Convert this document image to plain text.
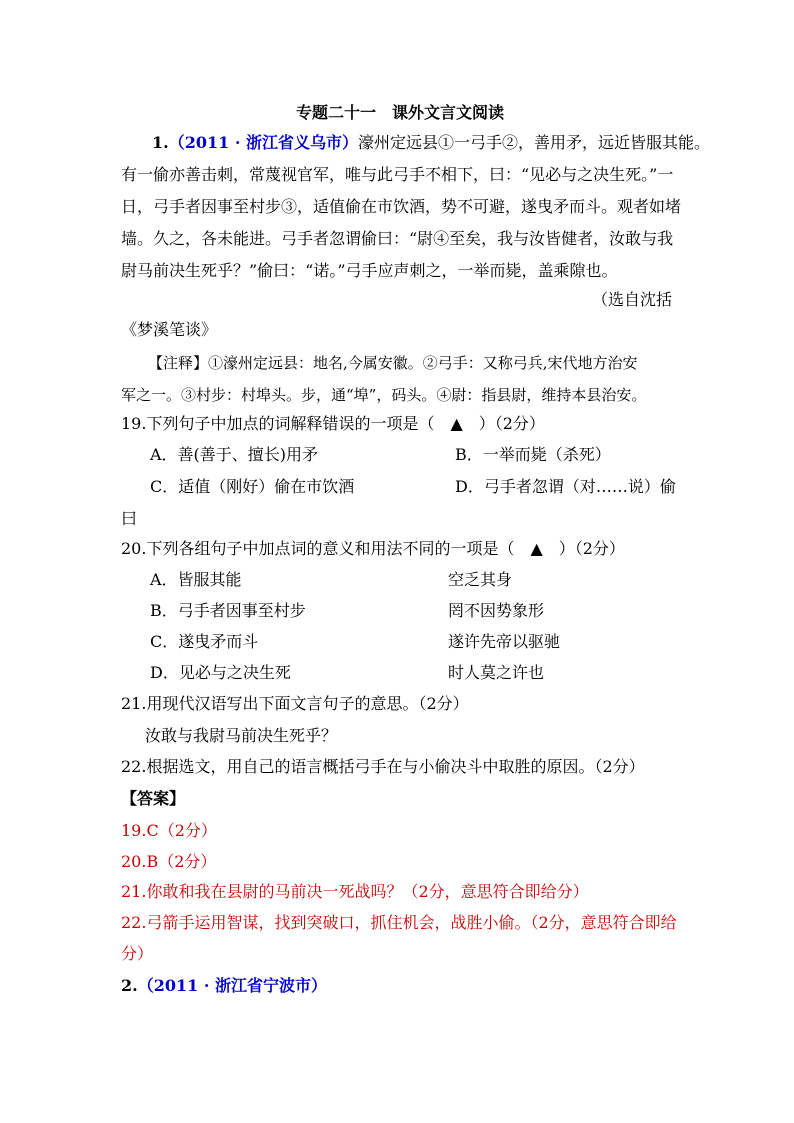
专题二十一　课外文言文阅读
1.（2011 · 浙江省义乌市）濠州定远县①一弓手②，善用矛，远近皆服其能。
有一偷亦善击刺，常蔑视官军，唯与此弓手不相下，曰：“见必与之决生死。”一
日，弓手者因事至村步③，适值偷在市饮酒，势不可避，遂曳矛而斗。观者如堵
墙。久之，各未能进。弓手者忽谓偷曰：“尉④至矣，我与汝皆健者，汝敢与我
尉马前决生死乎？”偷曰：“诺。”弓手应声刺之，一举而毙，盖乘隙也。
（选自沈括
《梦溪笔谈》
【注释】①濠州定远县：地名,今属安徽。②弓手：又称弓兵,宋代地方治安
军之一。③村步：村埠头。步，通“埠”，码头。④尉：指县尉，维持本县治安。
19.下列句子中加点的词解释错误的一项是（　▲　）（2分）
A．善(善于、擅长)用矛	B．一举而毙（杀死）
C．适值（刚好）偷在市饮酒	D．弓手者忽谓（对……说）偷
曰
20.下列各组句子中加点词的意义和用法不同的一项是（　▲　）（2分）
A．皆服其能	空乏其身
B．弓手者因事至村步	罔不因势象形
C．遂曳矛而斗	遂许先帝以驱驰
D．见必与之决生死	时人莫之许也
21.用现代汉语写出下面文言句子的意思。（2分）
汝敢与我尉马前决生死乎？
22.根据选文，用自己的语言概括弓手在与小偷决斗中取胜的原因。（2分）
【答案】
19.C（2分）
20.B（2分）
21.你敢和我在县尉的马前决一死战吗？（2分，意思符合即给分）
22.弓箭手运用智谋，找到突破口，抓住机会，战胜小偷。（2分，意思符合即给
分）
2.（2011 · 浙江省宁波市）
